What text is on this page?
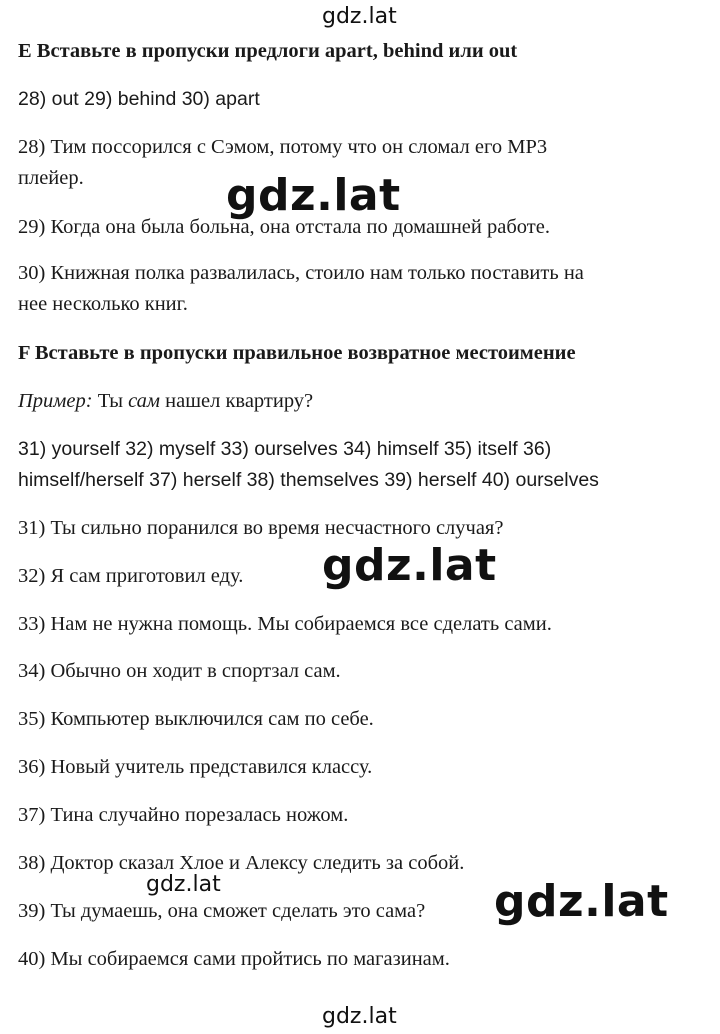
gdz.lat
E Вставьте в пропуски предлоги apart, behind или out
28) out 29) behind 30) apart
28) Тим поссорился с Сэмом, потому что он сломал его MP3
плейер.
29) Когда она была больна, она отстала по домашней работе.
30) Книжная полка развалилась, стоило нам только поставить на
нее несколько книг.
F Вставьте в пропуски правильное возвратное местоимение
Пример: Ты сам нашел квартиру?
31) yourself 32) myself 33) ourselves 34) himself 35) itself 36)
himself/herself 37) herself 38) themselves 39) herself 40) ourselves
31) Ты сильно поранился во время несчастного случая?
32) Я сам приготовил еду.
33) Нам не нужна помощь. Мы собираемся все сделать сами.
34) Обычно он ходит в спортзал сам.
35) Компьютер выключился сам по себе.
36) Новый учитель представился классу.
37) Тина случайно порезалась ножом.
38) Доктор сказал Хлое и Алексу следить за собой.
39) Ты думаешь, она сможет сделать это сама?
40) Мы собираемся сами пройтись по магазинам.
gdz.lat
gdz.lat
gdz.lat	gdz.lat
gdz.lat
